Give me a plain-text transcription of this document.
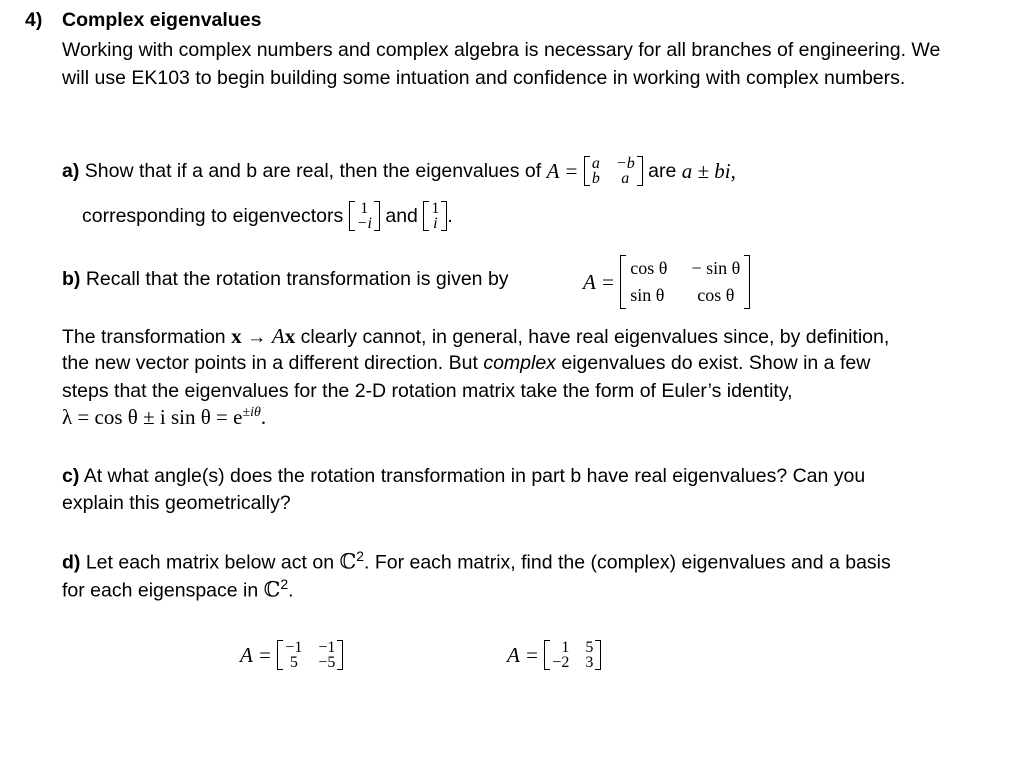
4) Complex eigenvalues
Working with complex numbers and complex algebra is necessary for all branches of engineering. We will use EK103 to begin building some intuation and confidence in working with complex numbers.
a)
Show that if a and b are real, then the eigenvalues of
A =
a	−b
b	a
are
a ± bi,
corresponding to eigenvectors
1
−i
and
1
i .
b) Recall that the rotation transformation is given by	A =

cos θ	− sin θ
sin θ	cos θ
The transformation x → Ax clearly cannot, in general, have real eigenvalues since, by definition,
the new vector points in a different direction. But complex eigenvalues do exist. Show in a few
steps that the eigenvalues for the 2-D rotation matrix take the form of Euler’s identity,
λ = cos θ ± i $\sin \theta = e^{\pm i\theta}$.
c) At what angle(s) does the rotation transformation in part b have real eigenvalues? Can you
explain this geometrically?
d) Let each matrix below act on ℂ$^2$. For each matrix, find the (complex) eigenvalues and a basis
for each eigenspace in ℂ$^2$.
A =
−1	−1
5	−5	A =
1	5
−2	3
